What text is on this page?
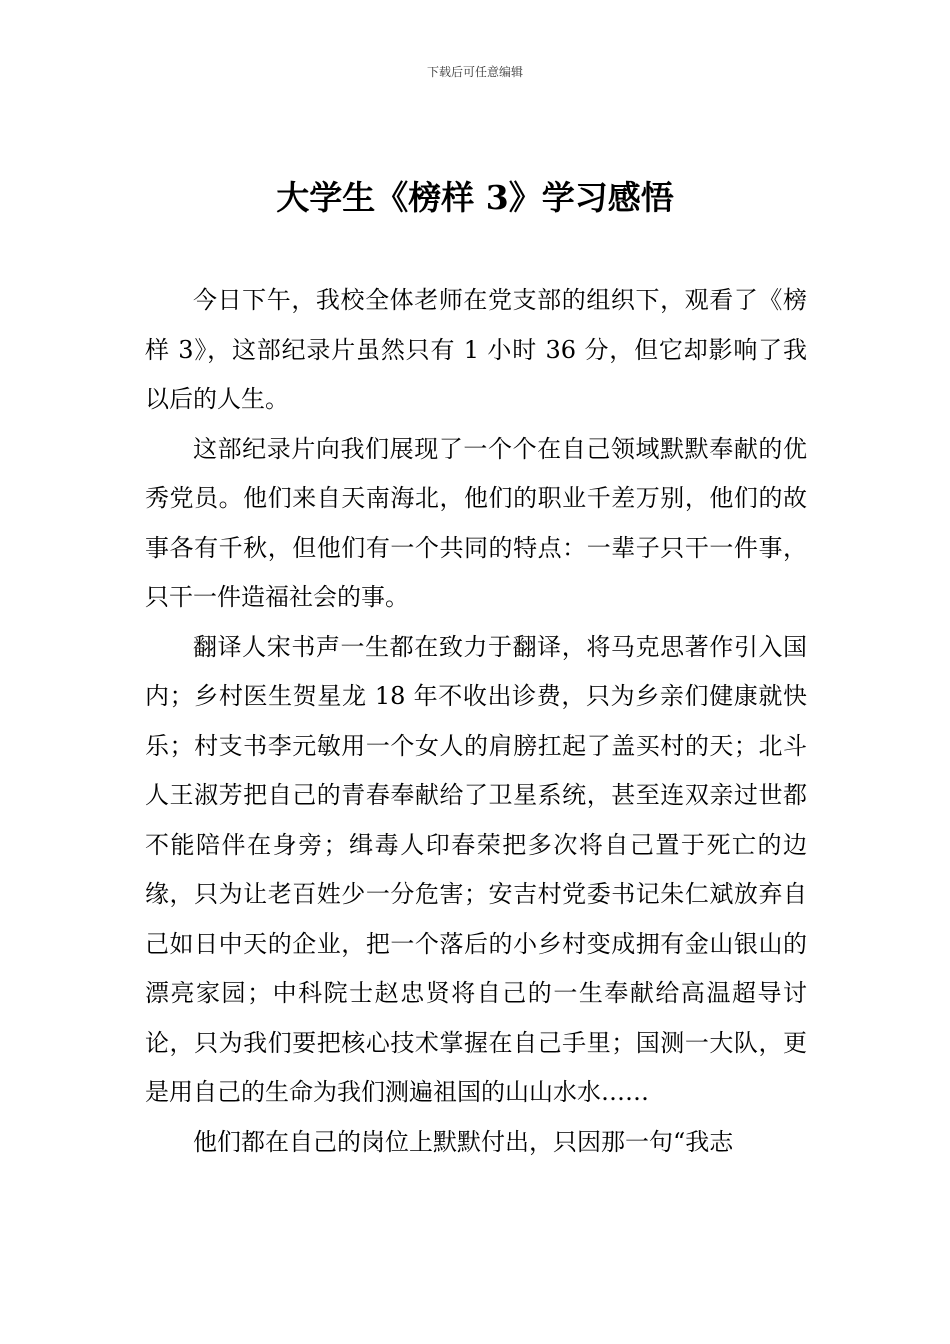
下载后可任意编辑
大学生《榜样 3》学习感悟

今日下午，我校全体老师在党支部的组织下，观看了《榜样 3》，这部纪录片虽然只有 1 小时 36 分，但它却影响了我以后的人生。

这部纪录片向我们展现了一个个在自己领域默默奉献的优秀党员。他们来自天南海北，他们的职业千差万别，他们的故事各有千秋，但他们有一个共同的特点：一辈子只干一件事，只干一件造福社会的事。

翻译人宋书声一生都在致力于翻译，将马克思著作引入国内；乡村医生贺星龙 18 年不收出诊费，只为乡亲们健康就快乐；村支书李元敏用一个女人的肩膀扛起了盖买村的天；北斗人王淑芳把自己的青春奉献给了卫星系统，甚至连双亲过世都不能陪伴在身旁；缉毒人印春荣把多次将自己置于死亡的边缘，只为让老百姓少一分危害；安吉村党委书记朱仁斌放弃自己如日中天的企业，把一个落后的小乡村变成拥有金山银山的漂亮家园；中科院士赵忠贤将自己的一生奉献给高温超导讨论，只为我们要把核心技术掌握在自己手里；国测一大队，更是用自己的生命为我们测遍祖国的山山水水……

他们都在自己的岗位上默默付出，只因那一句“我志
